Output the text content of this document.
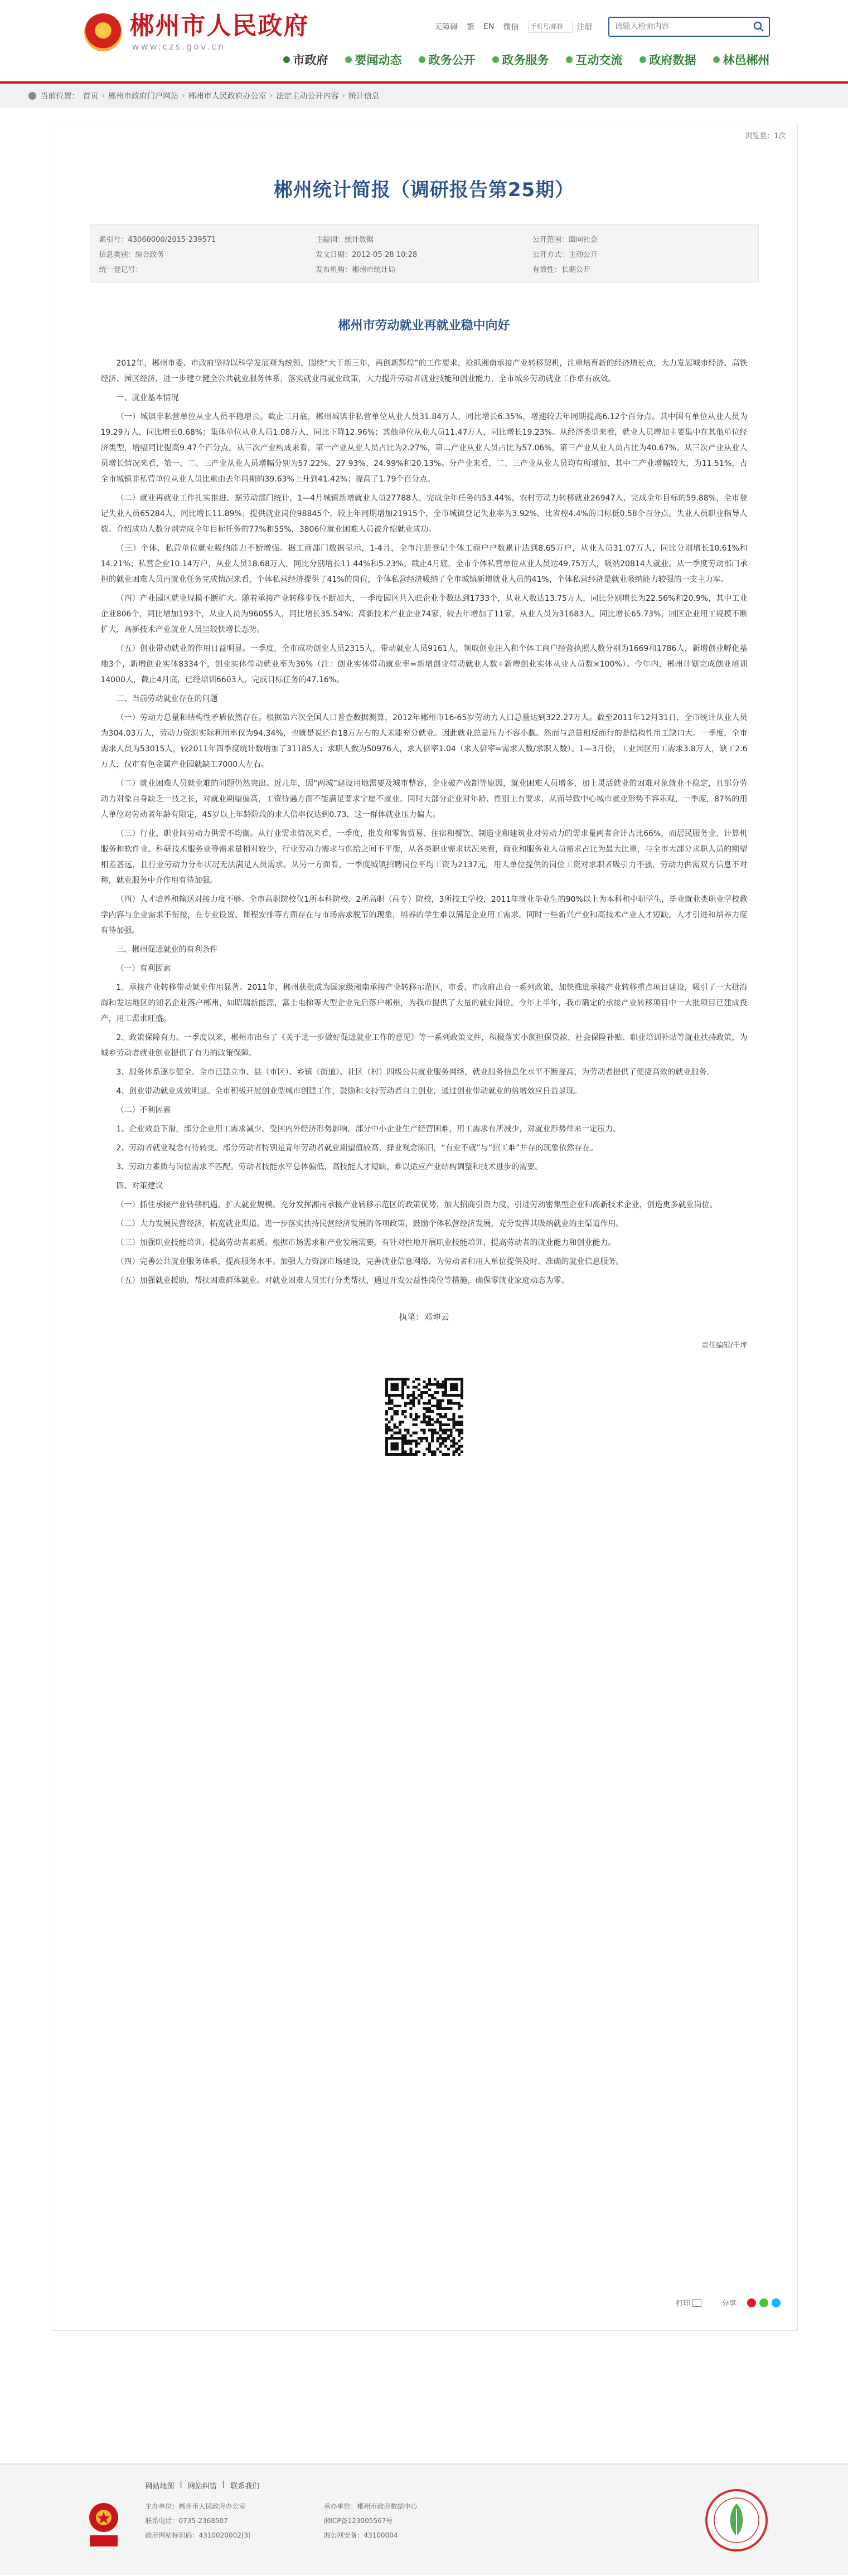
★ 郴州市人民政府
www.czs.gov.cn
无障碍 繁 EN 微信
手机号/邮箱	注册
请输入检索内容
市政府 要闻动态 政务公开 政务服务 互动交流 政府数据 林邑郴州
当前位置： 首页 › 郴州市政府门户网站 › 郴州市人民政府办公室 › 法定主动公开内容 › 统计信息
浏览量：1次
郴州统计简报（调研报告第25期）
索引号：43060000/2015-239571	主题词：统计数据	公开范围：面向社会
信息类别：综合政务	发文日期：2012-05-28 10:28	公开方式：主动公开
统一登记号：	发布机构：郴州市统计局	有效性：长期公开
郴州市劳动就业再就业稳中向好

2012年，郴州市委、市政府坚持以科学发展观为统领，围绕“大干新三年，再创新辉煌”的工作要求，抢抓湘南承接产业转移契机，注重培育新的经济增长点，大力发展城市经济、高铁经济、园区经济，进一步建立健全公共就业服务体系，落实就业再就业政策，大力提升劳动者就业技能和创业能力，全市城乡劳动就业工作卓有成效。

一、就业基本情况

（一）城镇非私营单位从业人员平稳增长。截止三月底，郴州城镇非私营单位从业人员31.84万人，同比增长6.35%，增速较去年同期提高6.12个百分点。其中国有单位从业人员为19.29万人，同比增长0.68%；集体单位从业人员1.08万人，同比下降12.96%；其他单位从业人员11.47万人，同比增长19.23%。从经济类型来看，就业人员增加主要集中在其他单位经济类型，增幅同比提高9.47个百分点。从三次产业构成来看，第一产业从业人员占比为2.27%，第二产业从业人员占比为57.06%，第三产业从业人员占比为40.67%。从三次产业从业人员增长情况来看，第一、二、三产业从业人员增幅分别为57.22%、27.93%、24.99%和20.13%。分产业来看，二、三产业从业人员均有所增加，其中二产业增幅较大，为11.51%，占全市城镇非私营单位从业人员比重由去年同期的39.63%上升到41.42%；提高了1.79个百分点。

（二）就业再就业工作扎实推进。据劳动部门统计，1—4月城镇新增就业人员27788人，完成全年任务的53.44%，农村劳动力转移就业26947人，完成全年目标的59.88%，全市登记失业人员65284人，同比增长11.89%；提供就业岗位98845个，较上年同期增加21915个，全市城镇登记失业率为3.92%，比省控4.4%的目标低0.58个百分点。失业人员职业指导人数、介绍成功人数分别完成全年目标任务的77%和55%，3806位就业困难人员被介绍就业成功。

（三）个体、私营单位就业吸纳能力不断增强。据工商部门数据显示，1-4月，全市注册登记个体工商户户数累计达到8.65万户，从业人员31.07万人，同比分别增长10.61%和14.21%；私营企业10.14万户，从业人员18.68万人，同比分别增长11.44%和5.23%。截止4月底，全市个体私营单位从业人员达49.75万人，吸纳20814人就业。从一季度劳动部门承担的就业困难人员再就业任务完成情况来看，个体私营经济提供了41%的岗位，个体私营经济吸纳了全市城镇新增就业人员的41%，个体私营经济是就业吸纳能力较强的一支主力军。

（四）产业园区就业规模不断扩大。随着承接产业转移步伐不断加大，一季度园区共入驻企业个数达到1733个，从业人数达13.75万人，同比分别增长为22.56%和20.9%，其中工业企业806个，同比增加193个，从业人员为96055人，同比增长35.54%；高新技术产业企业74家，较去年增加了11家，从业人员为31683人，同比增长65.73%，园区企业用工规模不断扩大，高新技术产业就业人员呈较快增长态势。

（五）创业带动就业的作用日益明显。一季度，全市成功创业人员2315人，带动就业人员9161人，领取创业注入和个体工商户经营执照人数分别为1669和1786人，新增创业孵化基地3个，新增创业实体8334个，创业实体带动就业率为36%（注：创业实体带动就业率=新增创业带动就业人数÷新增创业实体从业人员数×100%）。今年内，郴州计划完成创业培训14000人，截止4月底，已经培训6603人，完成目标任务的47.16%。

二、当前劳动就业存在的问题

（一）劳动力总量和结构性矛盾依然存在。根据第六次全国人口普查数据测算，2012年郴州市16-65岁劳动力人口总量达到322.27万人。截至2011年12月31日，全市统计从业人员为304.03万人，劳动力资源实际利用率仅为94.34%，也就是说还有18万左右的人未能充分就业。因此就业总量压力不容小觑。然而与总量相反而行的是结构性用工缺口大。一季度，全市需求人员为53015人，较2011年四季度统计数增加了31185人；求职人数为50976人，求人倍率1.04（求人倍率=需求人数/求职人数）。1—3月份，工业园区用工需求3.8万人，缺工2.6万人，仅市有色金属产业园就缺工7000人左右。

（二）就业困难人员就业难的问题仍然突出。近几年，因“两城”建设用地需要及城市整容，企业破产改制等原因，就业困难人员增多，加上灵活就业的困难对象就业不稳定，且部分劳动力对象自身缺乏一技之长，对就业期望偏高，工资待遇方面不能满足要求宁愿不就业。同时大部分企业对年龄、性别上有要求，从而导致中心城市就业形势不容乐观，一季度，87%的用人单位对劳动者年龄有限定，45岁以上年龄阶段的求人倍率仅达到0.73，这一群体就业压力偏大。

（三）行业、职业间劳动力供需不均衡。从行业需求情况来看，一季度，批发和零售贸易、住宿和餐饮、制造业和建筑业对劳动力的需求量两者合计占比66%，而居民服务业、计算机服务和软件业、科研技术服务业等需求量相对较少，行业劳动力需求与供给之间不平衡，从各类职业需求状况来看，商业和服务业人员需求占比为最大比重，与全市大部分求职人员的期望相差甚远，且行业劳动力分布状况无法满足人员需求。从另一方面看，一季度城镇招聘岗位平均工资为2137元，用人单位提供的岗位工资对求职者吸引力不强，劳动力供需双方信息不对称，就业服务中介作用有待加强。

（四）人才培养和输送对接力度不够。全市高职院校仅1所本科院校、2所高职（高专）院校，3所技工学校，2011年就业毕业生的90%以上为本科和中职学生，毕业就业类职业学校教学内容与企业需求不衔接，在专业设置、课程安排等方面存在与市场需求脱节的现象，培养的学生难以满足企业用工需求。同时一些新兴产业和高技术产业人才短缺，人才引进和培养力度有待加强。

三、郴州促进就业的有利条件

（一）有利因素

1、承接产业转移带动就业作用显著。2011年，郴州获批成为国家级湘南承接产业转移示范区，市委、市政府出台一系列政策，加快推进承接产业转移重点项目建设，吸引了一大批沿海和发达地区的知名企业落户郴州，如昭瑞新能源，富士电梯等大型企业先后落户郴州，为我市提供了大量的就业岗位。今年上半年，我市确定的承接产业转移项目中一大批项目已建成投产，用工需求旺盛。

2、政策保障有力。一季度以来，郴州市出台了《关于进一步做好促进就业工作的意见》等一系列政策文件，积极落实小额担保贷款、社会保险补贴、职业培训补贴等就业扶持政策，为城乡劳动者就业创业提供了有力的政策保障。

3、服务体系逐步健全。全市已建立市、县（市区）、乡镇（街道）、社区（村）四级公共就业服务网络，就业服务信息化水平不断提高，为劳动者提供了便捷高效的就业服务。

4、创业带动就业成效明显。全市积极开展创业型城市创建工作，鼓励和支持劳动者自主创业，通过创业带动就业的倍增效应日益显现。

（二）不利因素

1、企业效益下滑，部分企业用工需求减少。受国内外经济形势影响，部分中小企业生产经营困难，用工需求有所减少，对就业形势带来一定压力。

2、劳动者就业观念有待转变。部分劳动者特别是青年劳动者就业期望值较高，择业观念陈旧，“有业不就”与“招工难”并存的现象依然存在。

3、劳动力素质与岗位需求不匹配。劳动者技能水平总体偏低，高技能人才短缺，难以适应产业结构调整和技术进步的需要。

四、对策建议

（一）抓住承接产业转移机遇，扩大就业规模。充分发挥湘南承接产业转移示范区的政策优势，加大招商引资力度，引进劳动密集型企业和高新技术企业，创造更多就业岗位。

（二）大力发展民营经济，拓宽就业渠道。进一步落实扶持民营经济发展的各项政策，鼓励个体私营经济发展，充分发挥其吸纳就业的主渠道作用。

（三）加强职业技能培训，提高劳动者素质。根据市场需求和产业发展需要，有针对性地开展职业技能培训，提高劳动者的就业能力和创业能力。

（四）完善公共就业服务体系，提高服务水平。加强人力资源市场建设，完善就业信息网络，为劳动者和用人单位提供及时、准确的就业信息服务。

（五）加强就业援助，帮扶困难群体就业。对就业困难人员实行分类帮扶，通过开发公益性岗位等措施，确保零就业家庭动态为零。

执笔：邓坤云
责任编辑/千坪
打印	分享：
网站地图 | 网站纠错 | 联系我们
主办单位：郴州市人民政府办公室	承办单位：郴州市政府数据中心
联系电话：0735-2368507	湘ICP备123005567号
政府网站标识码：4310020002(3)	湘公网安备：43100004
